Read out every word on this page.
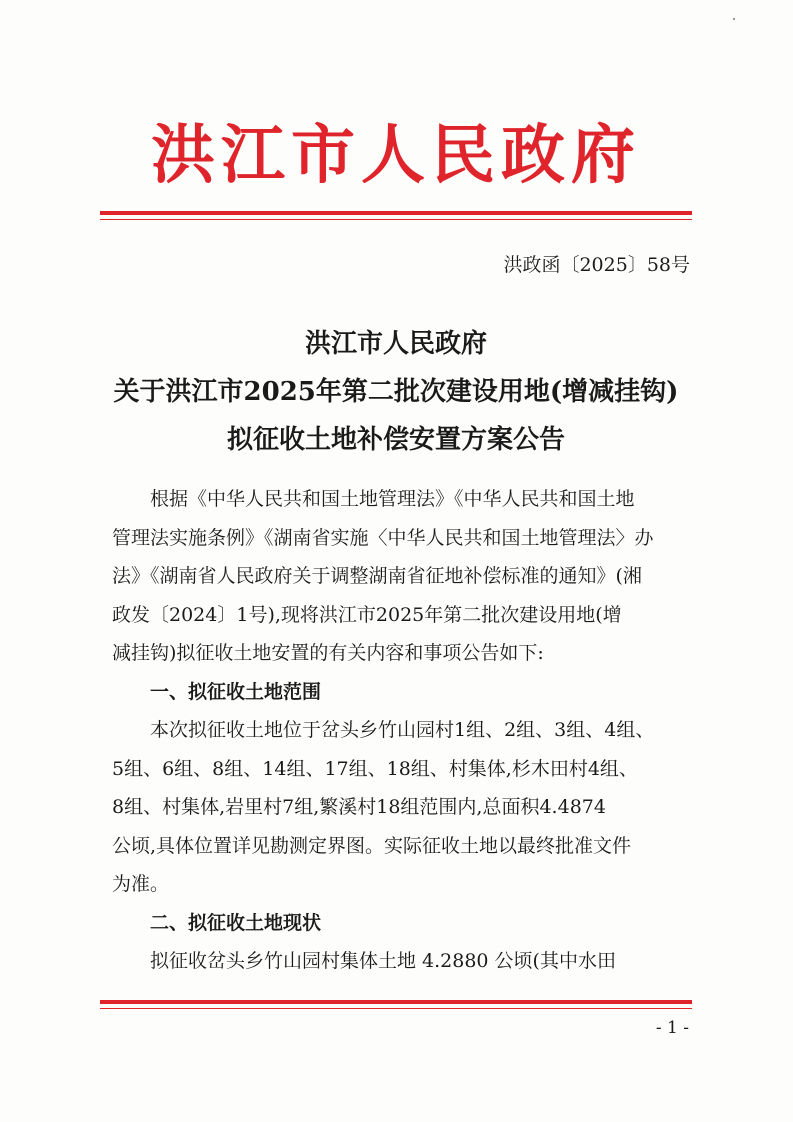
洪江市人民政府
洪政函〔2025〕58号
洪江市人民政府
关于洪江市2025年第二批次建设用地(增减挂钩)
拟征收土地补偿安置方案公告

根据《中华人民共和国土地管理法》《中华人民共和国土地
管理法实施条例》《湖南省实施〈中华人民共和国土地管理法〉办
法》《湖南省人民政府关于调整湖南省征地补偿标准的通知》(湘
政发〔2024〕1号),现将洪江市2025年第二批次建设用地(增
减挂钩)拟征收土地安置的有关内容和事项公告如下:

一、拟征收土地范围

本次拟征收土地位于岔头乡竹山园村1组、2组、3组、4组、
5组、6组、8组、14组、17组、18组、村集体,杉木田村4组、
8组、村集体,岩里村7组,繁溪村18组范围内,总面积4.4874
公顷,具体位置详见勘测定界图。实际征收土地以最终批准文件
为准。

二、拟征收土地现状

拟征收岔头乡竹山园村集体土地 4.2880 公顷(其中水田

- 1 -
